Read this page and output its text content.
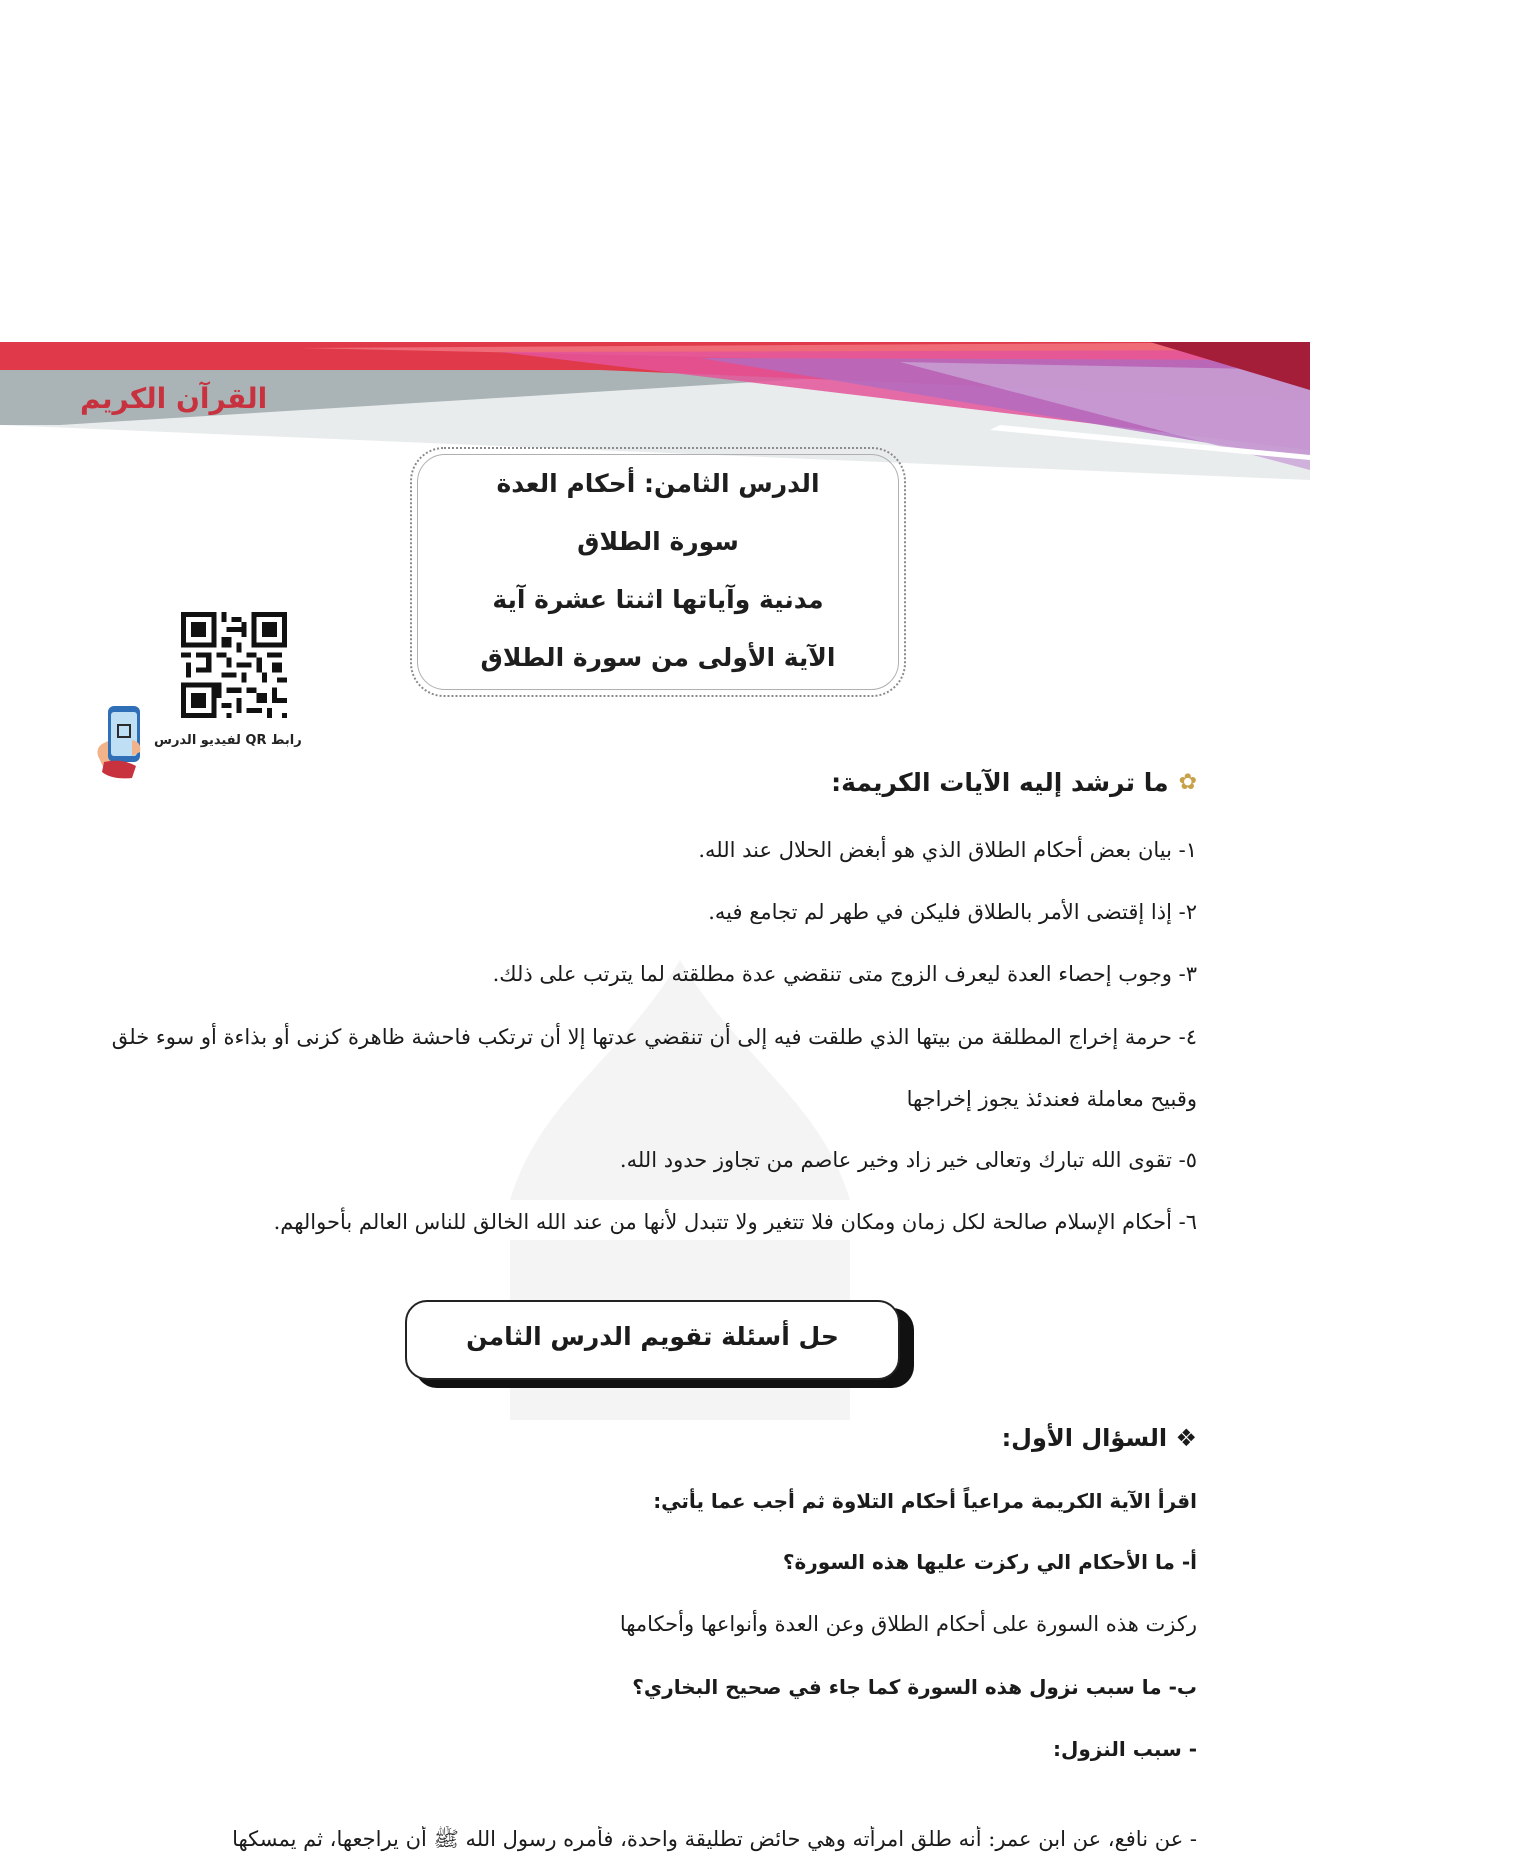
القرآن الكريم
الدرس الثامن: أحكام العدة
سورة الطلاق
مدنية وآياتها اثنتا عشرة آية
الآية الأولى من سورة الطلاق
رابط QR لفيديو الدرس
✿
ما ترشد إليه الآيات الكريمة:
١- بيان بعض أحكام الطلاق الذي هو أبغض الحلال عند الله.
٢- إذا إقتضى الأمر بالطلاق فليكن في طهر لم تجامع فيه.
٣- وجوب إحصاء العدة ليعرف الزوج متى تنقضي عدة مطلقته لما يترتب على ذلك.
٤- حرمة إخراج المطلقة من بيتها الذي طلقت فيه إلى أن تنقضي عدتها إلا أن ترتكب فاحشة ظاهرة كزنى أو بذاءة أو سوء خلق وقبيح معاملة فعندئذ يجوز إخراجها
٥- تقوى الله تبارك وتعالى خير زاد وخير عاصم من تجاوز حدود الله.
٦- أحكام الإسلام صالحة لكل زمان ومكان فلا تتغير ولا تتبدل لأنها من عند الله الخالق للناس العالم بأحوالهم.
حل أسئلة تقويم الدرس الثامن
❖ السؤال الأول:
اقرأ الآية الكريمة مراعياً أحكام التلاوة ثم أجب عما يأتي:
أ- ما الأحكام الي ركزت عليها هذه السورة؟
ركزت هذه السورة على أحكام الطلاق وعن العدة وأنواعها وأحكامها
ب- ما سبب نزول هذه السورة كما جاء في صحيح البخاري؟
- سبب النزول:
- عن نافع، عن ابن عمر: أنه طلق امرأته وهي حائض تطليقة واحدة، فأمره رسول الله ﷺ أن يراجعها، ثم يمسكها
